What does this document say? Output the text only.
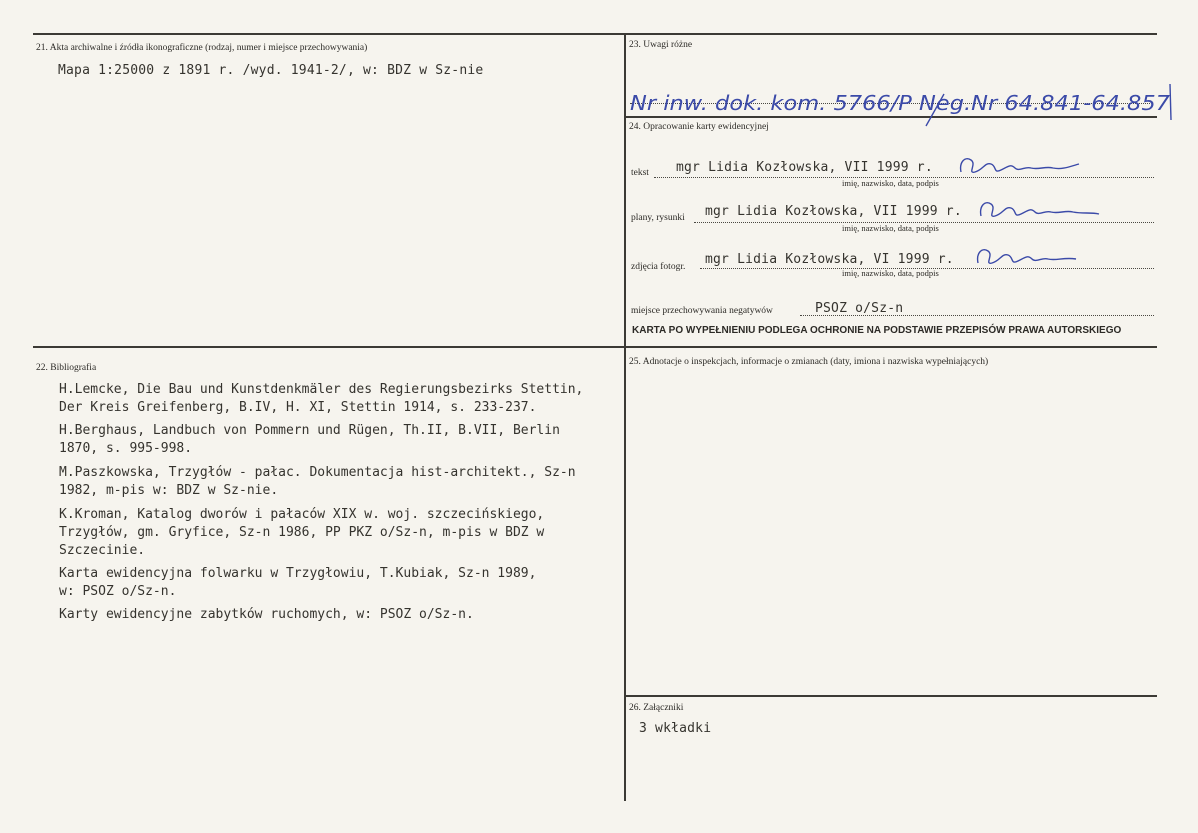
21. Akta archiwalne i źródła ikonograficzne (rodzaj, numer i miejsce przechowywania)
Mapa 1:25000 z 1891 r. /wyd. 1941-2/, w: BDZ w Sz-nie
22. Bibliografia
H.Lemcke, Die Bau und Kunstdenkmäler des Regierungsbezirks Stettin,
Der Kreis Greifenberg, B.IV, H. XI, Stettin 1914, s. 233-237.
H.Berghaus, Landbuch von Pommern und Rügen, Th.II, B.VII, Berlin
1870, s. 995-998.
M.Paszkowska, Trzygłów - pałac. Dokumentacja hist-architekt., Sz-n
1982, m-pis w: BDZ w Sz-nie.
K.Kroman, Katalog dworów i pałaców XIX w. woj. szczecińskiego,
Trzygłów, gm. Gryfice, Sz-n 1986, PP PKZ o/Sz-n, m-pis w BDZ w
Szczecinie.
Karta ewidencyjna folwarku w Trzygłowiu, T.Kubiak, Sz-n 1989,
w: PSOZ o/Sz-n.
Karty ewidencyjne zabytków ruchomych, w: PSOZ o/Sz-n.
23. Uwagi różne
Nr inw. dok. kom. 5766/P Neg.Nr 64.841-64.857
24. Opracowanie karty ewidencyjnej
tekst mgr Lidia Kozłowska, VII 1999 r.
imię, nazwisko, data, podpis
plany, rysunki mgr Lidia Kozłowska, VII 1999 r.
imię, nazwisko, data, podpis
zdjęcia fotogr. mgr Lidia Kozłowska, VI 1999 r.
imię, nazwisko, data, podpis
miejsce przechowywania negatywów	PSOZ o/Sz-n
KARTA PO WYPEŁNIENIU PODLEGA OCHRONIE NA PODSTAWIE PRZEPISÓW PRAWA AUTORSKIEGO
25. Adnotacje o inspekcjach, informacje o zmianach (daty, imiona i nazwiska wypełniających)
26. Załączniki
3 wkładki
